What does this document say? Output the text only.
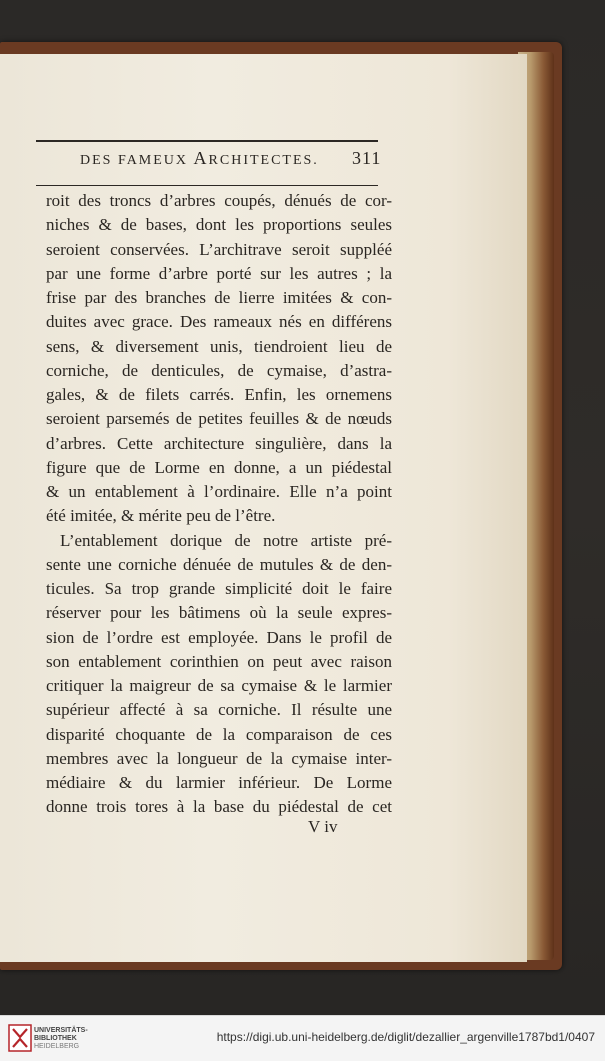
DES FAMEUX ARCHITECTES. 311
roit des troncs d’arbres coupés, dénués de cor-
niches & de bases, dont les proportions seules
seroient conservées. L’architrave seroit suppléé
par une forme d’arbre porté sur les autres ; la
frise par des branches de lierre imitées & con-
duites avec grace. Des rameaux nés en différens
sens, & diversement unis, tiendroient lieu de
corniche, de denticules, de cymaise, d’astra-
gales, & de filets carrés. Enfin, les ornemens
seroient parsemés de petites feuilles & de nœuds
d’arbres. Cette architecture singulière, dans la
figure que de Lorme en donne, a un piédestal
& un entablement à l’ordinaire. Elle n’a point
été imitée, & mérite peu de l’être.
L’entablement dorique de notre artiste pré-
sente une corniche dénuée de mutules & de den-
ticules. Sa trop grande simplicité doit le faire
réserver pour les bâtimens où la seule expres-
sion de l’ordre est employée. Dans le profil de
son entablement corinthien on peut avec raison
critiquer la maigreur de sa cymaise & le larmier
supérieur affecté à sa corniche. Il résulte une
disparité choquante de la comparaison de ces
membres avec la longueur de la cymaise inter-
médiaire & du larmier inférieur. De Lorme
donne trois tores à la base du piédestal de cet
V iv
UNIVERSITÄTS-
BIBLIOTHEK
HEIDELBERG
https://digi.ub.uni-heidelberg.de/diglit/dezallier_argenville1787bd1/0407
